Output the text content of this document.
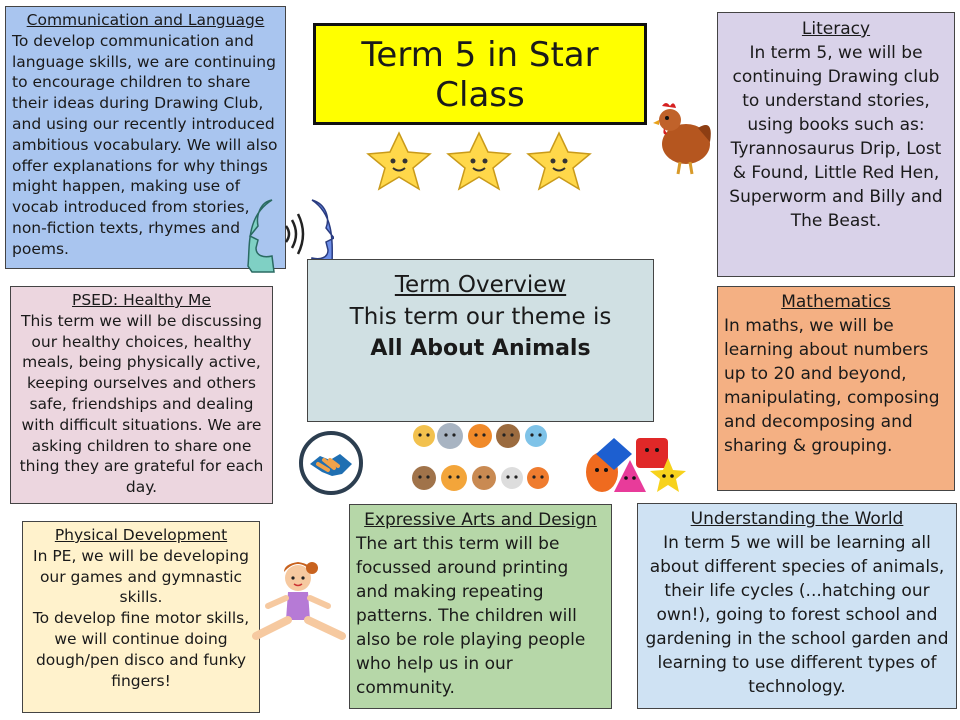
Communication and Language
To develop communication and language skills, we are continuing to encourage children to share their ideas during Drawing Club, and using our recently introduced ambitious vocabulary. We will also offer explanations for why things might happen, making use of vocab introduced from stories, non-fiction texts, rhymes and poems.
Term 5 in Star Class
Literacy
In term 5, we will be continuing Drawing club to understand stories, using books such as: Tyrannosaurus Drip, Lost & Found, Little Red Hen, Superworm and Billy and The Beast.
PSED: Healthy Me
This term we will be discussing our healthy choices, healthy meals, being physically active, keeping ourselves and others safe, friendships and dealing with difficult situations. We are asking children to share one thing they are grateful for each day.
Term Overview
This term our theme is
All About Animals
Mathematics
In maths, we will be learning about numbers up to 20 and beyond, manipulating, composing and decomposing and sharing & grouping.
Physical Development
In PE, we will be developing our games and gymnastic skills.
To develop fine motor skills, we will continue doing dough/pen disco and funky fingers!
Expressive Arts and Design
The art this term will be focussed around printing and making repeating patterns. The children will also be role playing people who help us in our community.
Understanding the World
In term 5 we will be learning all about different species of animals, their life cycles (...hatching our own!), going to forest school and gardening in the school garden and learning to use different types of technology.
